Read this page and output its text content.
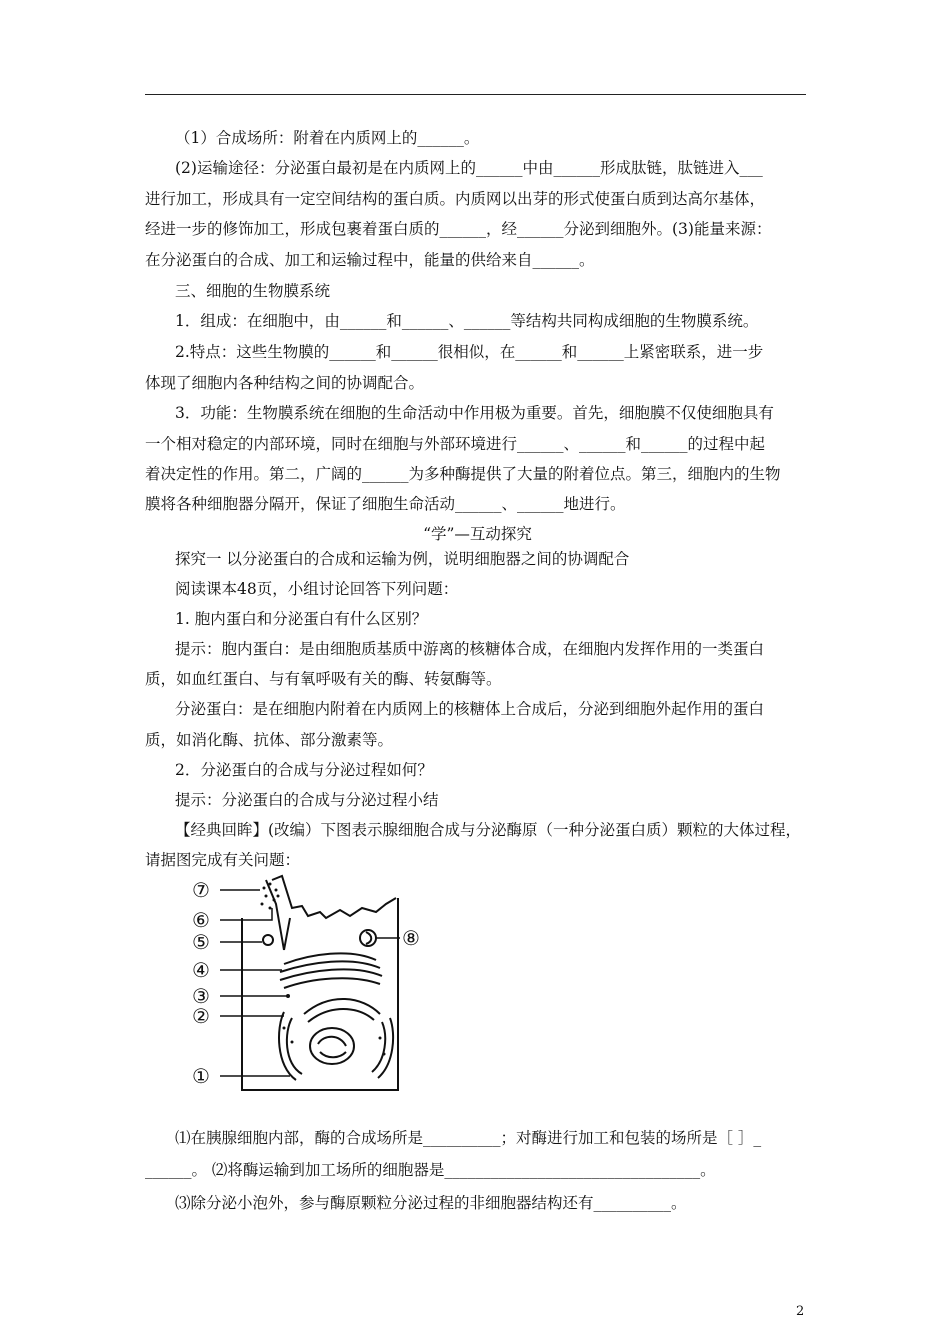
（1）合成场所：附着在内质网上的______。
(2)运输途径：分泌蛋白最初是在内质网上的______中由______形成肽链，肽链进入___
进行加工，形成具有一定空间结构的蛋白质。内质网以出芽的形式使蛋白质到达高尔基体，
经进一步的修饰加工，形成包裹着蛋白质的______，经______分泌到细胞外。(3)能量来源：
在分泌蛋白的合成、加工和运输过程中，能量的供给来自______。
三、细胞的生物膜系统
1．组成：在细胞中，由______和______、______等结构共同构成细胞的生物膜系统。
2.特点：这些生物膜的______和______很相似，在______和______上紧密联系，进一步
体现了细胞内各种结构之间的协调配合。
3．功能：生物膜系统在细胞的生命活动中作用极为重要。首先，细胞膜不仅使细胞具有
一个相对稳定的内部环境，同时在细胞与外部环境进行______、______和______的过程中起
着决定性的作用。第二，广阔的______为多种酶提供了大量的附着位点。第三，细胞内的生物
膜将各种细胞器分隔开，保证了细胞生命活动______、______地进行。
“学”—互动探究
探究一 以分泌蛋白的合成和运输为例，说明细胞器之间的协调配合
阅读课本48页，小组讨论回答下列问题：
1. 胞内蛋白和分泌蛋白有什么区别？
提示：胞内蛋白：是由细胞质基质中游离的核糖体合成，在细胞内发挥作用的一类蛋白
质，如血红蛋白、与有氧呼吸有关的酶、转氨酶等。
分泌蛋白：是在细胞内附着在内质网上的核糖体上合成后，分泌到细胞外起作用的蛋白
质，如消化酶、抗体、部分激素等。
2．分泌蛋白的合成与分泌过程如何？
提示：分泌蛋白的合成与分泌过程小结
【经典回眸】(改编）下图表示腺细胞合成与分泌酶原（一种分泌蛋白质）颗粒的大体过程，
请据图完成有关问题：
⑴在胰腺细胞内部，酶的合成场所是__________；对酶进行加工和包装的场所是［ ］_
______。 ⑵将酶运输到加工场所的细胞器是_________________________________。
⑶除分泌小泡外，参与酶原颗粒分泌过程的非细胞器结构还有__________。
⑦
⑥
⑤
④
③
②
①
⑧
2
